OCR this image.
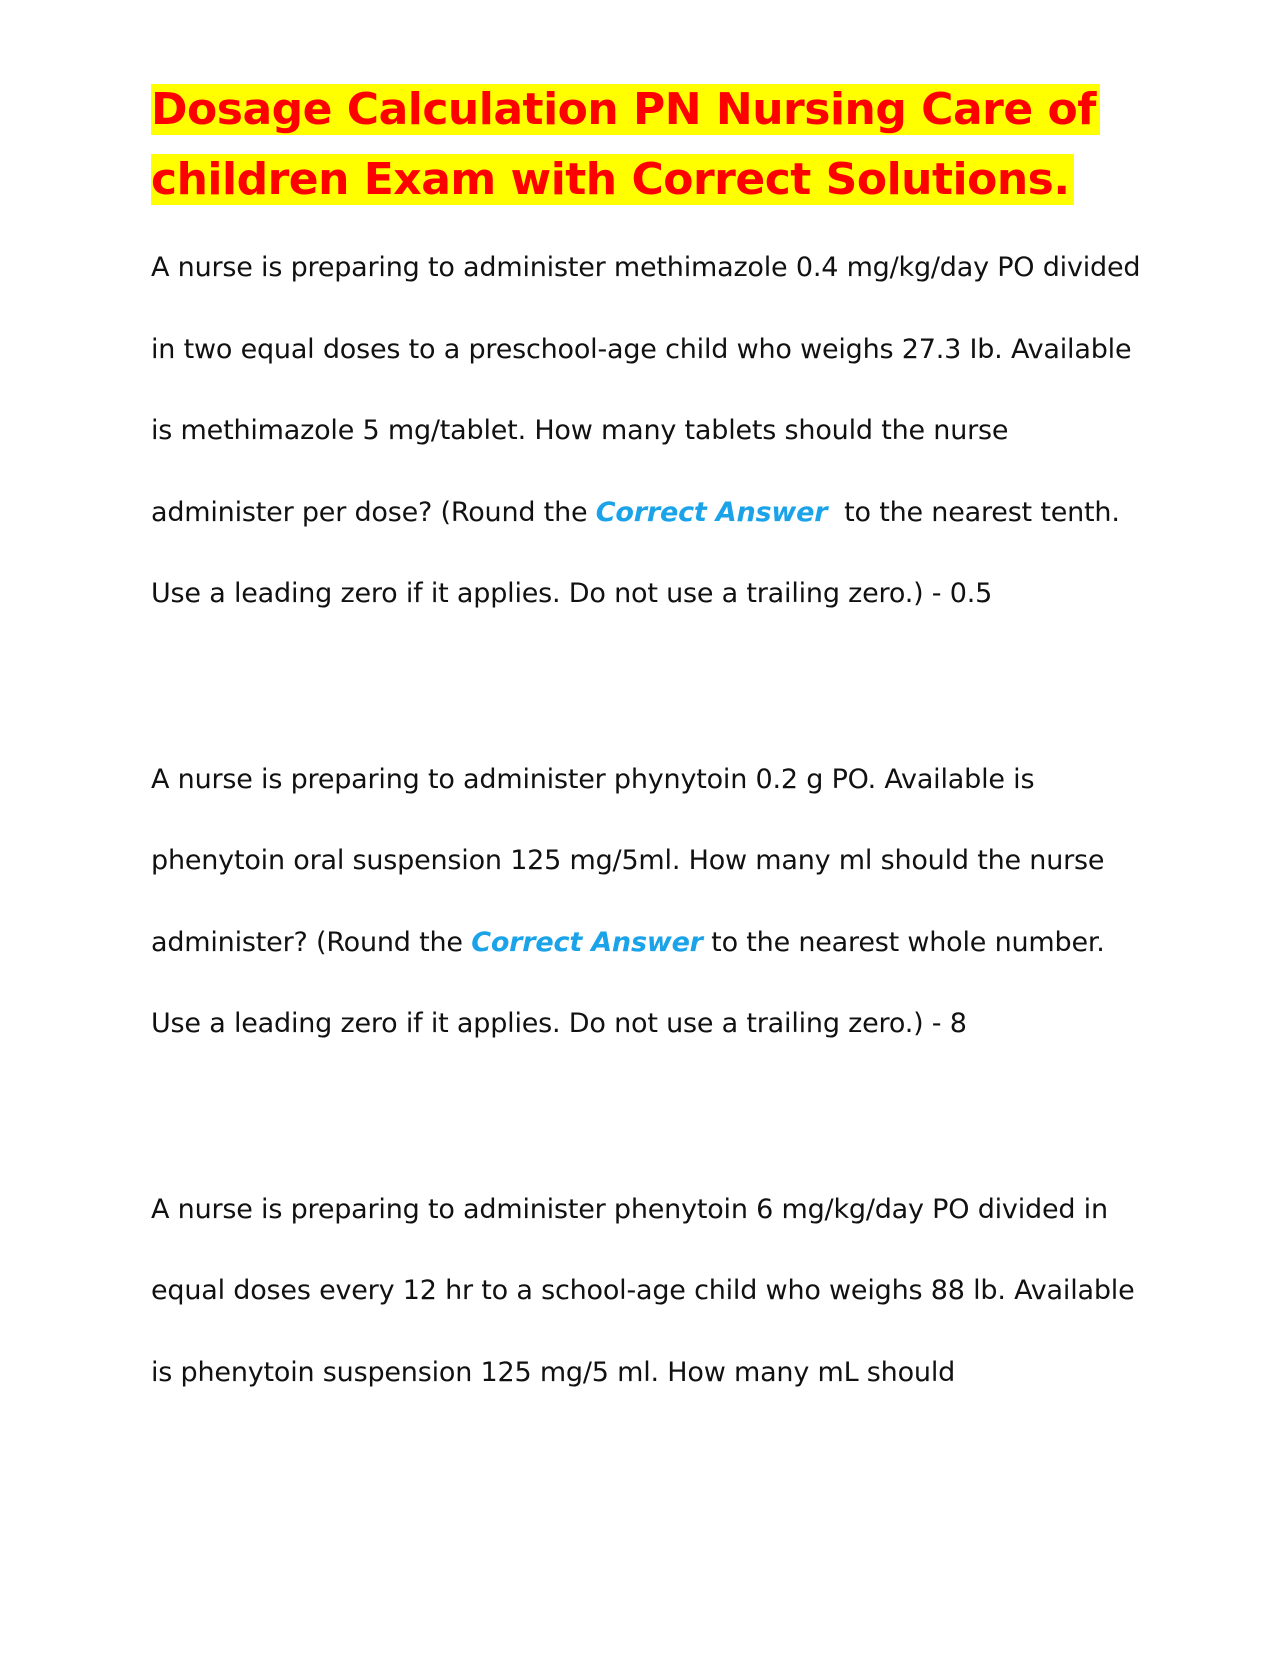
Dosage Calculation PN Nursing Care of children Exam with Correct Solutions.

A nurse is preparing to administer methimazole 0.4 mg/kg/day PO divided in two equal doses to a preschool-age child who weighs 27.3 Ib. Available is methimazole 5 mg/tablet. How many tablets should the nurse administer per dose? (Round the Correct Answer  to the nearest tenth. Use a leading zero if it applies. Do not use a trailing zero.) - 0.5

A nurse is preparing to administer phynytoin 0.2 g PO. Available is phenytoin oral suspension 125 mg/5ml. How many ml should the nurse administer? (Round the Correct Answer to the nearest whole number. Use a leading zero if it applies. Do not use a trailing zero.) - 8

A nurse is preparing to administer phenytoin 6 mg/kg/day PO divided in equal doses every 12 hr to a school-age child who weighs 88 lb. Available is phenytoin suspension 125 mg/5 ml. How many mL should
